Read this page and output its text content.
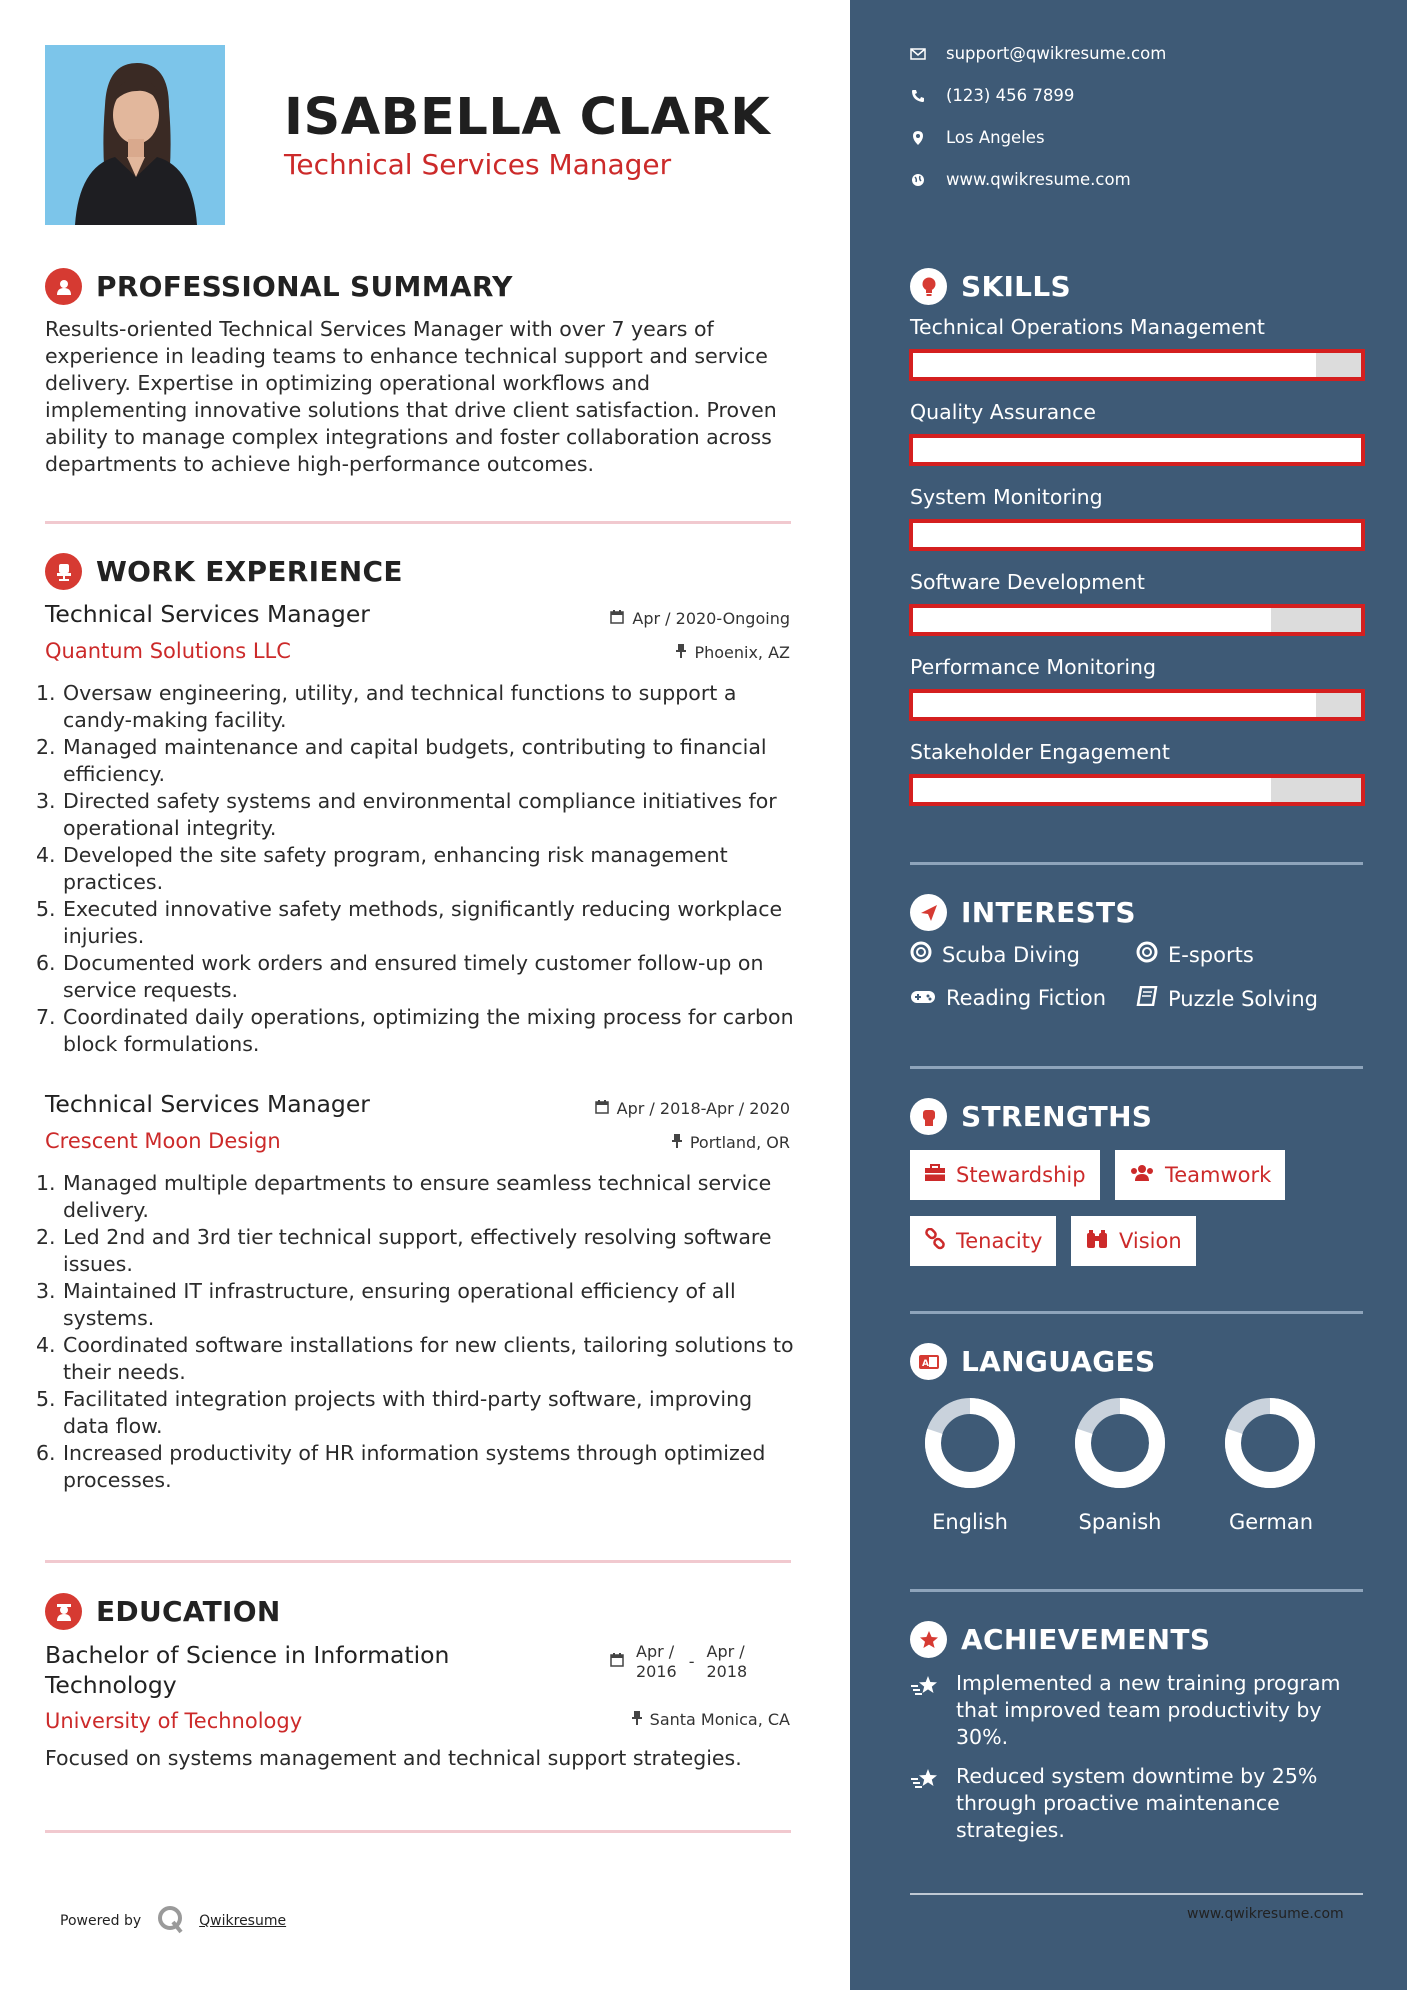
ISABELLA CLARK
Technical Services Manager
PROFESSIONAL SUMMARY
Results-oriented Technical Services Manager with over 7 years of experience in leading teams to enhance technical support and service delivery. Expertise in optimizing operational workflows and implementing innovative solutions that drive client satisfaction. Proven ability to manage complex integrations and foster collaboration across departments to achieve high-performance outcomes.
WORK EXPERIENCE
Technical Services Manager	Apr / 2020-Ongoing
Quantum Solutions LLC	Phoenix, AZ
1. Oversaw engineering, utility, and technical functions to support a candy-making facility.
2. Managed maintenance and capital budgets, contributing to financial efficiency.
3. Directed safety systems and environmental compliance initiatives for operational integrity.
4. Developed the site safety program, enhancing risk management practices.
5. Executed innovative safety methods, significantly reducing workplace injuries.
6. Documented work orders and ensured timely customer follow-up on service requests.
7. Coordinated daily operations, optimizing the mixing process for carbon block formulations.
Technical Services Manager	Apr / 2018-Apr / 2020
Crescent Moon Design	Portland, OR
1. Managed multiple departments to ensure seamless technical service delivery.
2. Led 2nd and 3rd tier technical support, effectively resolving software issues.
3. Maintained IT infrastructure, ensuring operational efficiency of all systems.
4. Coordinated software installations for new clients, tailoring solutions to their needs.
5. Facilitated integration projects with third-party software, improving data flow.
6. Increased productivity of HR information systems through optimized processes.
EDUCATION
Bachelor of Science in Information
Technology
Apr /
2016
-
Apr /
2018
University of Technology	Santa Monica, CA
Focused on systems management and technical support strategies.
Powered by	Qwikresume
support@qwikresume.com
(123) 456 7899
Los Angeles
www.qwikresume.com
SKILLS
Technical Operations Management
Quality Assurance
System Monitoring
Software Development
Performance Monitoring
Stakeholder Engagement
INTERESTS
Scuba Diving	E-sports
Reading Fiction	Puzzle Solving
STRENGTHS
Stewardship	Teamwork
Tenacity	Vision
A LANGUAGES
English	Spanish	German
ACHIEVEMENTS
Implemented a new training program that improved team productivity by 30%.
Reduced system downtime by 25% through proactive maintenance strategies.
www.qwikresume.com
